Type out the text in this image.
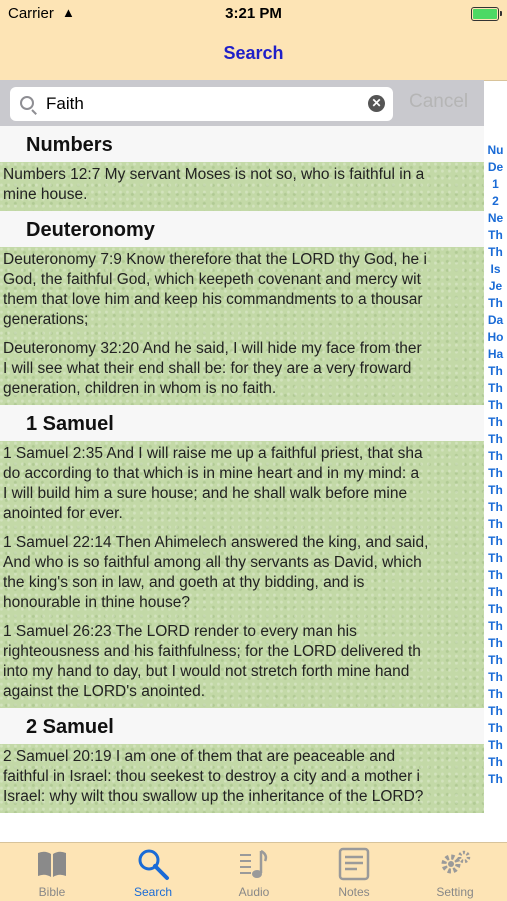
Carrier ▲	3:21 PM
Search
Faith	✕ Cancel
Numbers
Numbers 12:7 My servant Moses is not so, who is faithful in a
mine house.
Deuteronomy
Deuteronomy 7:9 Know therefore that the LORD thy God, he i
God, the faithful God, which keepeth covenant and mercy wit
them that love him and keep his commandments to a thousar
generations;
Deuteronomy 32:20 And he said, I will hide my face from ther
I will see what their end shall be: for they are a very froward
generation, children in whom is no faith.
1 Samuel
1 Samuel 2:35 And I will raise me up a faithful priest, that sha
do according to that which is in mine heart and in my mind: a
I will build him a sure house; and he shall walk before mine
anointed for ever.
1 Samuel 22:14 Then Ahimelech answered the king, and said,
And who is so faithful among all thy servants as David, which
the king's son in law, and goeth at thy bidding, and is
honourable in thine house?
1 Samuel 26:23 The LORD render to every man his
righteousness and his faithfulness; for the LORD delivered th
into my hand to day, but I would not stretch forth mine hand
against the LORD's anointed.
2 Samuel
2 Samuel 20:19 I am one of them that are peaceable and
faithful in Israel: thou seekest to destroy a city and a mother i
Israel: why wilt thou swallow up the inheritance of the LORD?
Nu
De
1
2
Ne
Th
Th
Is
Je
Th
Da
Ho
Ha
Th
Th
Th
Th
Th
Th
Th
Th
Th
Th
Th
Th
Th
Th
Th
Th
Th
Th
Th
Th
Th
Th
Th
Th
Th
Bible	Search	Audio	Notes	Setting
